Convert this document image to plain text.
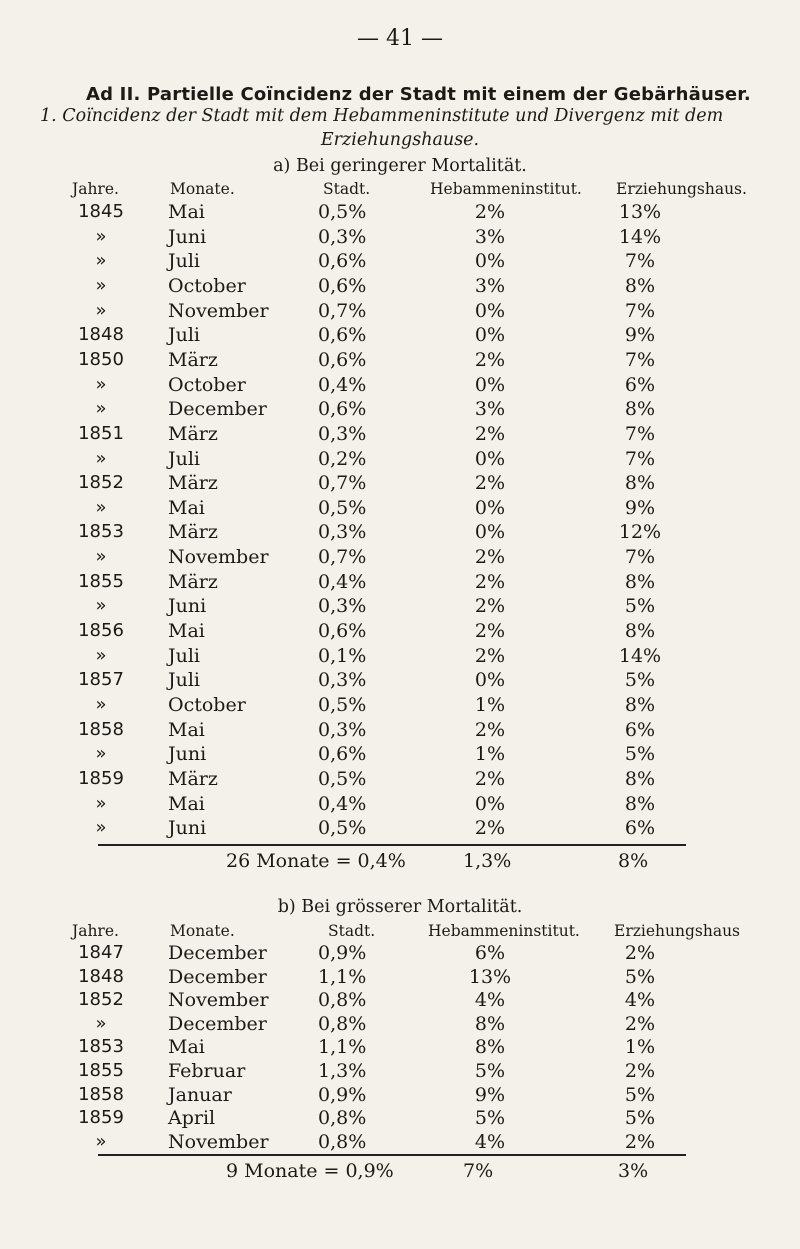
— 41 —
Ad II. Partielle Coïncidenz der Stadt mit einem der Gebärhäuser.
1. Coïncidenz der Stadt mit dem Hebammeninstitute und Divergenz mit dem
Erziehungshause.
a) Bei geringerer Mortalität.
Jahre.	Monate.	Stadt.	Hebammeninstitut. Erziehungshaus.
1845	Mai	0,5%	2%	13%
»	Juni	0,3%	3%	14%
»	Juli	0,6%	0%	7%
»	October	0,6%	3%	8%
»	November	0,7%	0%	7%
1848	Juli	0,6%	0%	9%
1850	März	0,6%	2%	7%
»	October	0,4%	0%	6%
»	December	0,6%	3%	8%
1851	März	0,3%	2%	7%
»	Juli	0,2%	0%	7%
1852	März	0,7%	2%	8%
»	Mai	0,5%	0%	9%
1853	März	0,3%	0%	12%
»	November	0,7%	2%	7%
1855	März	0,4%	2%	8%
»	Juni	0,3%	2%	5%
1856	Mai	0,6%	2%	8%
»	Juli	0,1%	2%	14%
1857	Juli	0,3%	0%	5%
»	October	0,5%	1%	8%
1858	Mai	0,3%	2%	6%
»	Juni	0,6%	1%	5%
1859	März	0,5%	2%	8%
»	Mai	0,4%	0%	8%
»	Juni	0,5%	2%	6%
26 Monate = 0,4%	1,3%	8%
b) Bei grösserer Mortalität.
Jahre.	Monate.	Stadt.	Hebammeninstitut. Erziehungshaus
1847	December	0,9%	6%	2%
1848	December	1,1%	13%	5%
1852	November	0,8%	4%	4%
»	December	0,8%	8%	2%
1853	Mai	1,1%	8%	1%
1855	Februar	1,3%	5%	2%
1858	Januar	0,9%	9%	5%
1859	April	0,8%	5%	5%
»	November	0,8%	4%	2%
9 Monate = 0,9%	7%	3%
